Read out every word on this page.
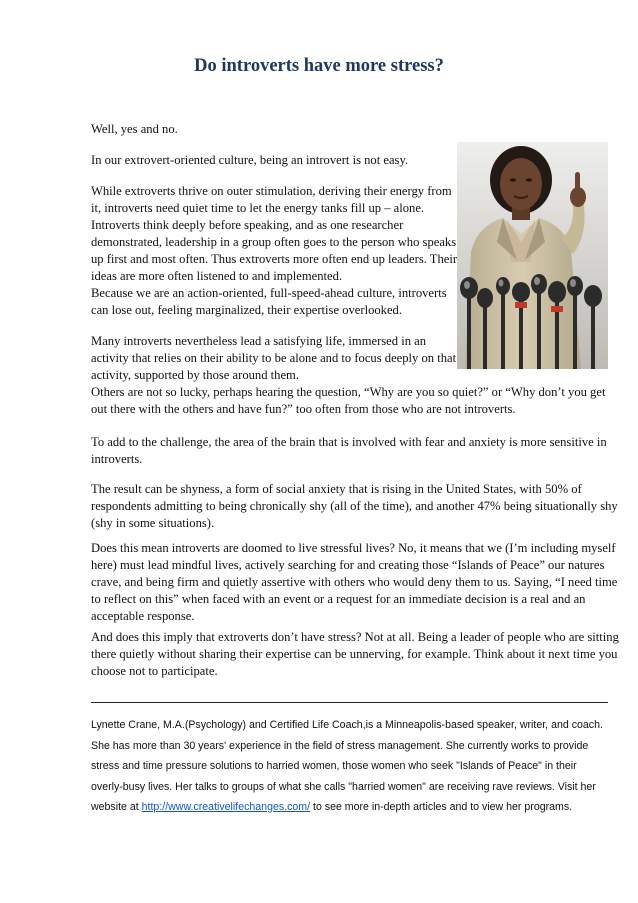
Do introverts have more stress?

Well, yes and no.

In our extrovert-oriented culture, being an introvert is not easy.

While extroverts thrive on outer stimulation, deriving their energy from it, introverts need quiet time to let the energy tanks fill up – alone. Introverts think deeply before speaking, and as one researcher demonstrated, leadership in a group often goes to the person who speaks up first and most often. Thus extroverts more often end up leaders. Their ideas are more often listened to and implemented.

Because we are an action-oriented, full-speed-ahead culture, introverts can lose out, feeling marginalized, their expertise overlooked.

Many introverts nevertheless lead a satisfying life, immersed in an activity that relies on their ability to be alone and to focus deeply on that activity, supported by those around them.

Others are not so lucky, perhaps hearing the question, “Why are you so quiet?” or “Why don’t you get out there with the others and have fun?” too often from those who are not introverts.

To add to the challenge, the area of the brain that is involved with fear and anxiety is more sensitive in introverts.

The result can be shyness, a form of social anxiety that is rising in the United States, with 50% of respondents admitting to being chronically shy (all of the time), and another 47% being situationally shy (shy in some situations).

Does this mean introverts are doomed to live stressful lives? No, it means that we (I’m including myself here) must lead mindful lives, actively searching for and creating those “Islands of Peace” our natures crave, and being firm and quietly assertive with others who would deny them to us. Saying, “I need time to reflect on this” when faced with an event or a request for an immediate decision is a real and an acceptable response.

And does this imply that extroverts don’t have stress? Not at all. Being a leader of people who are sitting there quietly without sharing their expertise can be unnerving, for example. Think about it next time you choose not to participate.

Lynette Crane, M.A.(Psychology) and Certified Life Coach,is a Minneapolis-based speaker, writer, and coach. She has more than 30 years' experience in the field of stress management. She currently works to provide stress and time pressure solutions to harried women, those women who seek "Islands of Peace" in their overly-busy lives. Her talks to groups of what she calls "harried women" are receiving rave reviews. Visit her website at http://www.creativelifechanges.com/ to see more in-depth articles and to view her programs.
